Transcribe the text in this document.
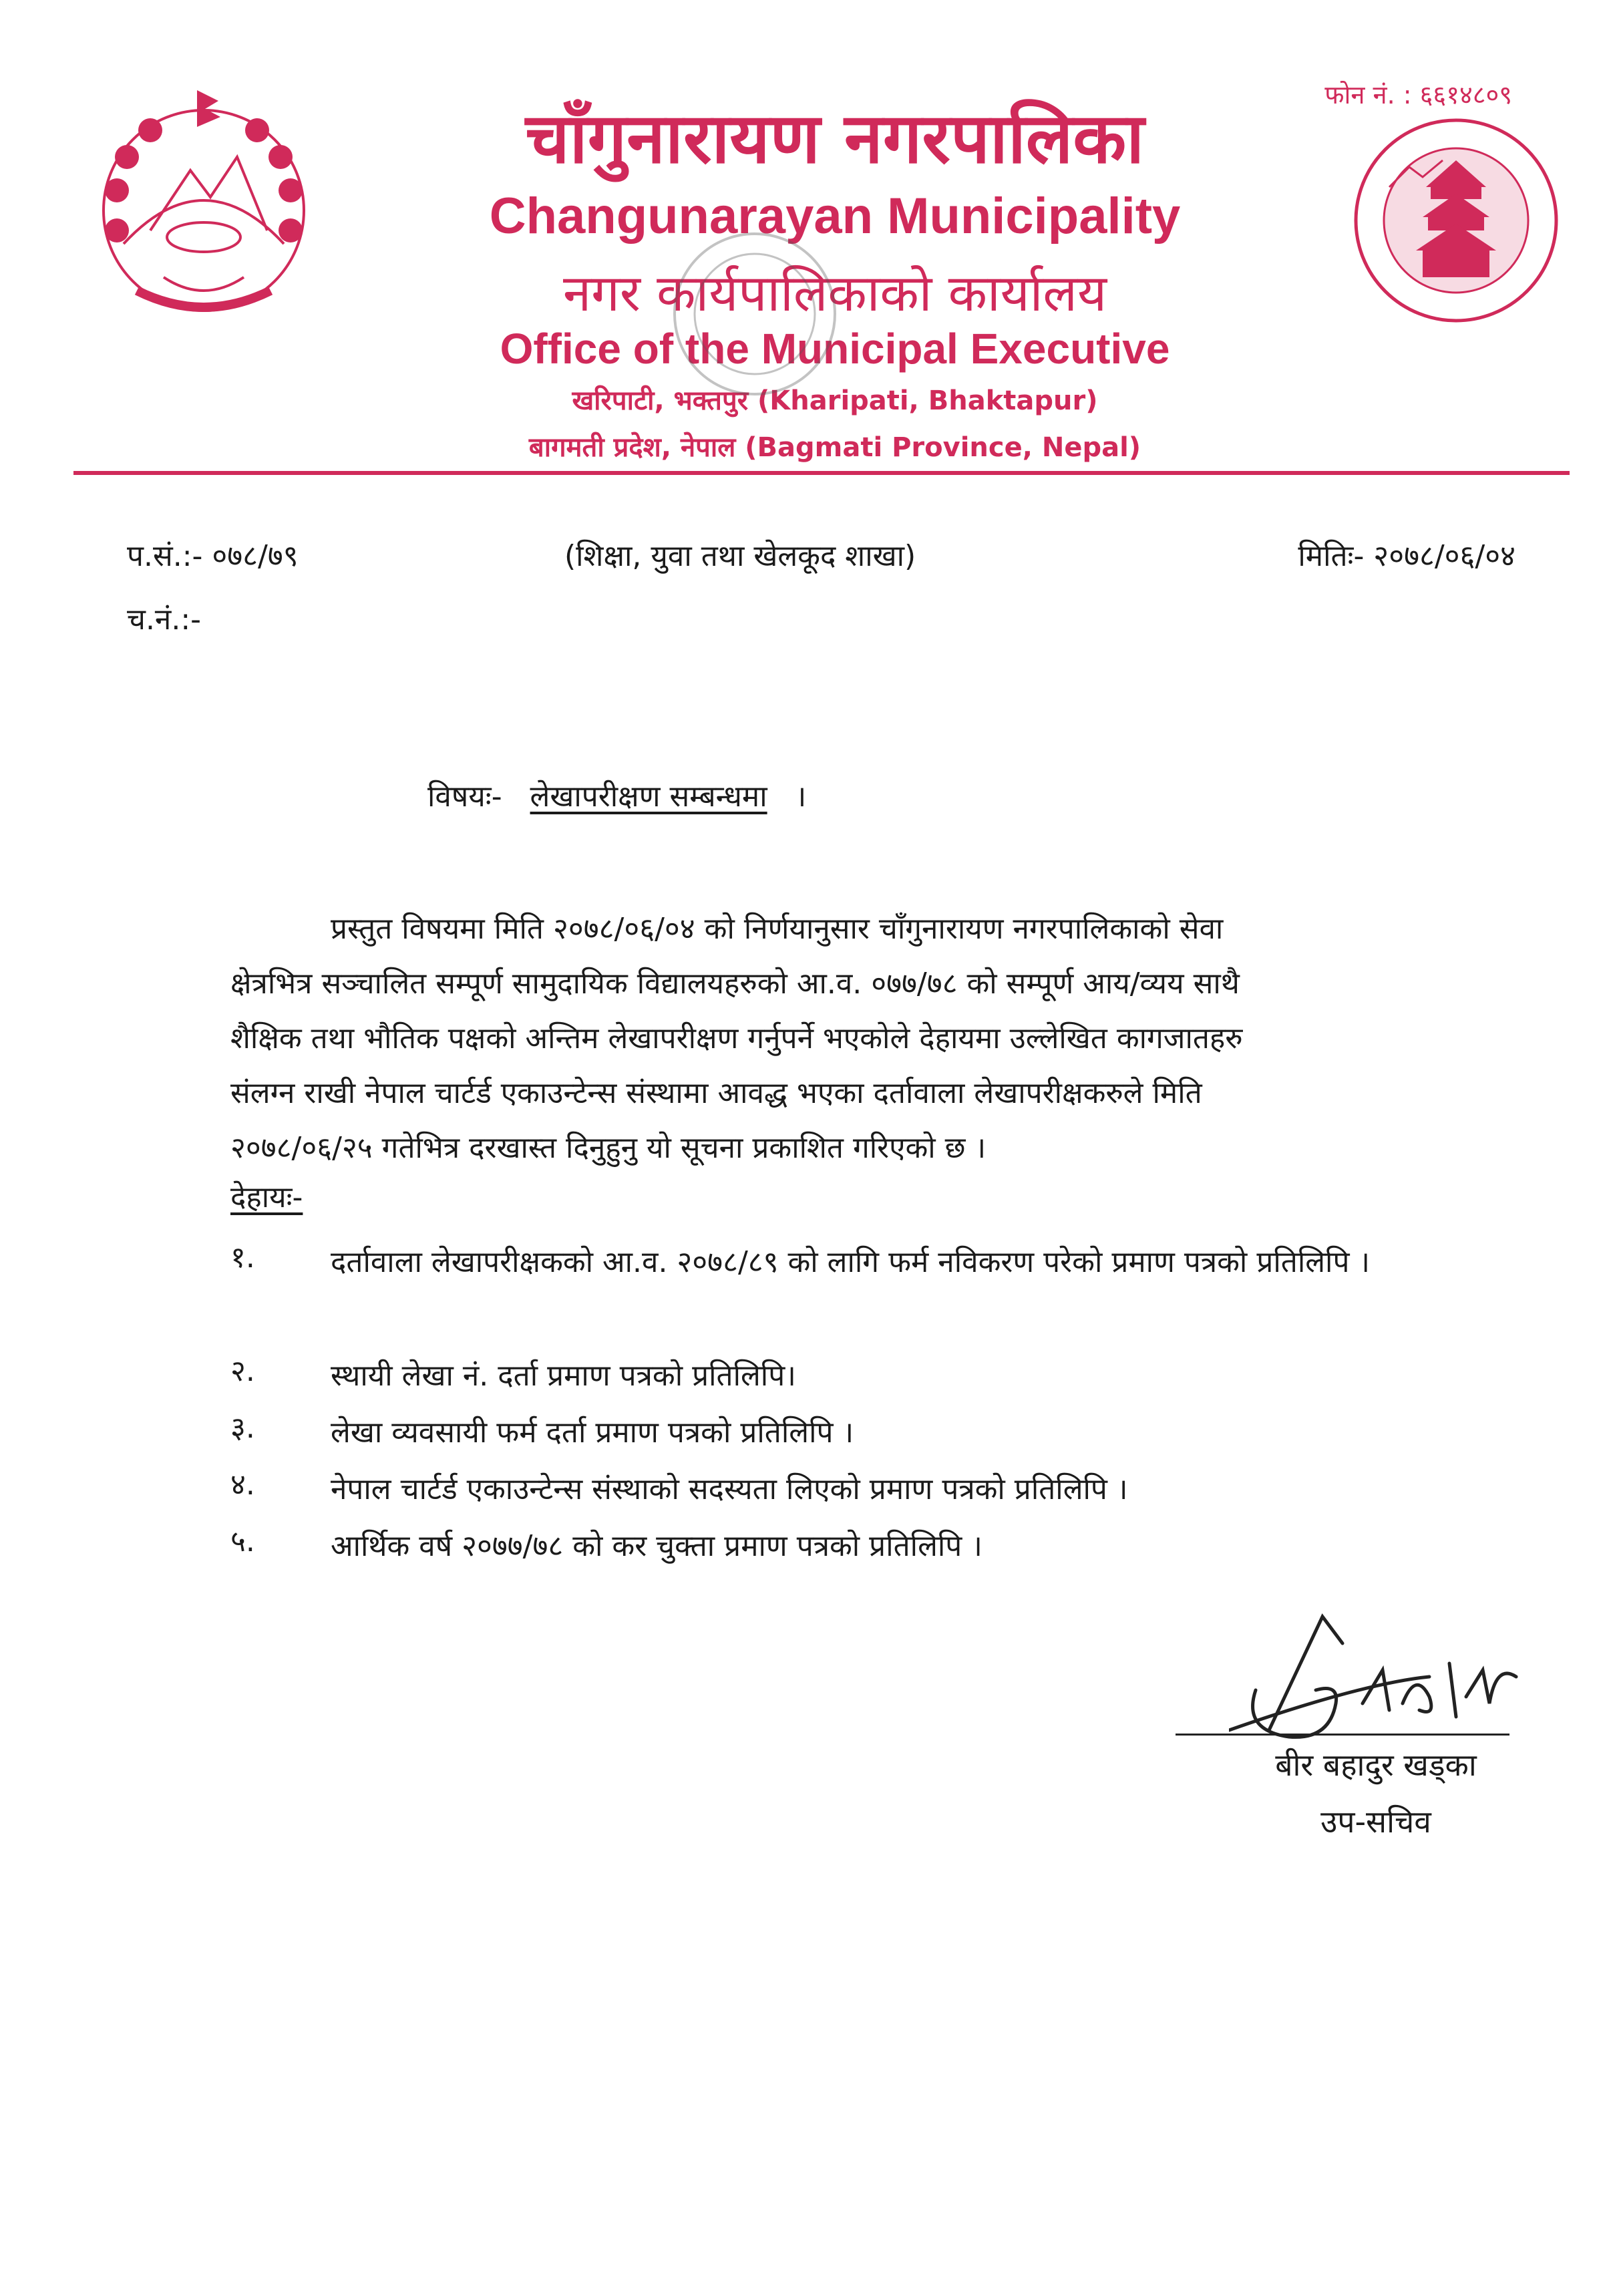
फोन नं. : ६६१४८०९
चाँगुनारायण नगरपालिका
Changunarayan Municipality
नगर कार्यपालिकाको कार्यालय
Office of the Municipal Executive
खरिपाटी, भक्तपुर (Kharipati, Bhaktapur)
बागमती प्रदेश, नेपाल (Bagmati Province, Nepal)
प.सं.:- ०७८/७९
च.नं.:-
(शिक्षा, युवा तथा खेलकूद शाखा)	मितिः- २०७८/०६/०४
विषयः- लेखापरीक्षण सम्बन्धमा ।
प्रस्तुत विषयमा मिति २०७८/०६/०४ को निर्णयानुसार चाँगुनारायण नगरपालिकाको सेवा
क्षेत्रभित्र सञ्चालित सम्पूर्ण सामुदायिक विद्यालयहरुको आ.व. ०७७/७८ को सम्पूर्ण आय/व्यय साथै
शैक्षिक तथा भौतिक पक्षको अन्तिम लेखापरीक्षण गर्नुपर्ने भएकोले देहायमा उल्लेखित कागजातहरु
संलग्न राखी नेपाल चार्टर्ड एकाउन्टेन्स संस्थामा आवद्ध भएका दर्तावाला लेखापरीक्षकरुले मिति
२०७८/०६/२५ गतेभित्र दरखास्त दिनुहुनु यो सूचना प्रकाशित गरिएको छ ।
देहायः-
१.	दर्तावाला लेखापरीक्षकको आ.व. २०७८/८९ को लागि फर्म नविकरण परेको प्रमाण पत्रको प्रतिलिपि ।
२.	स्थायी लेखा नं. दर्ता प्रमाण पत्रको प्रतिलिपि।
३.	लेखा व्यवसायी फर्म दर्ता प्रमाण पत्रको प्रतिलिपि ।
४.	नेपाल चार्टर्ड एकाउन्टेन्स संस्थाको सदस्यता लिएको प्रमाण पत्रको प्रतिलिपि ।
५.	आर्थिक वर्ष २०७७/७८ को कर चुक्ता प्रमाण पत्रको प्रतिलिपि ।
बीर बहादुर खड्का
उप-सचिव
